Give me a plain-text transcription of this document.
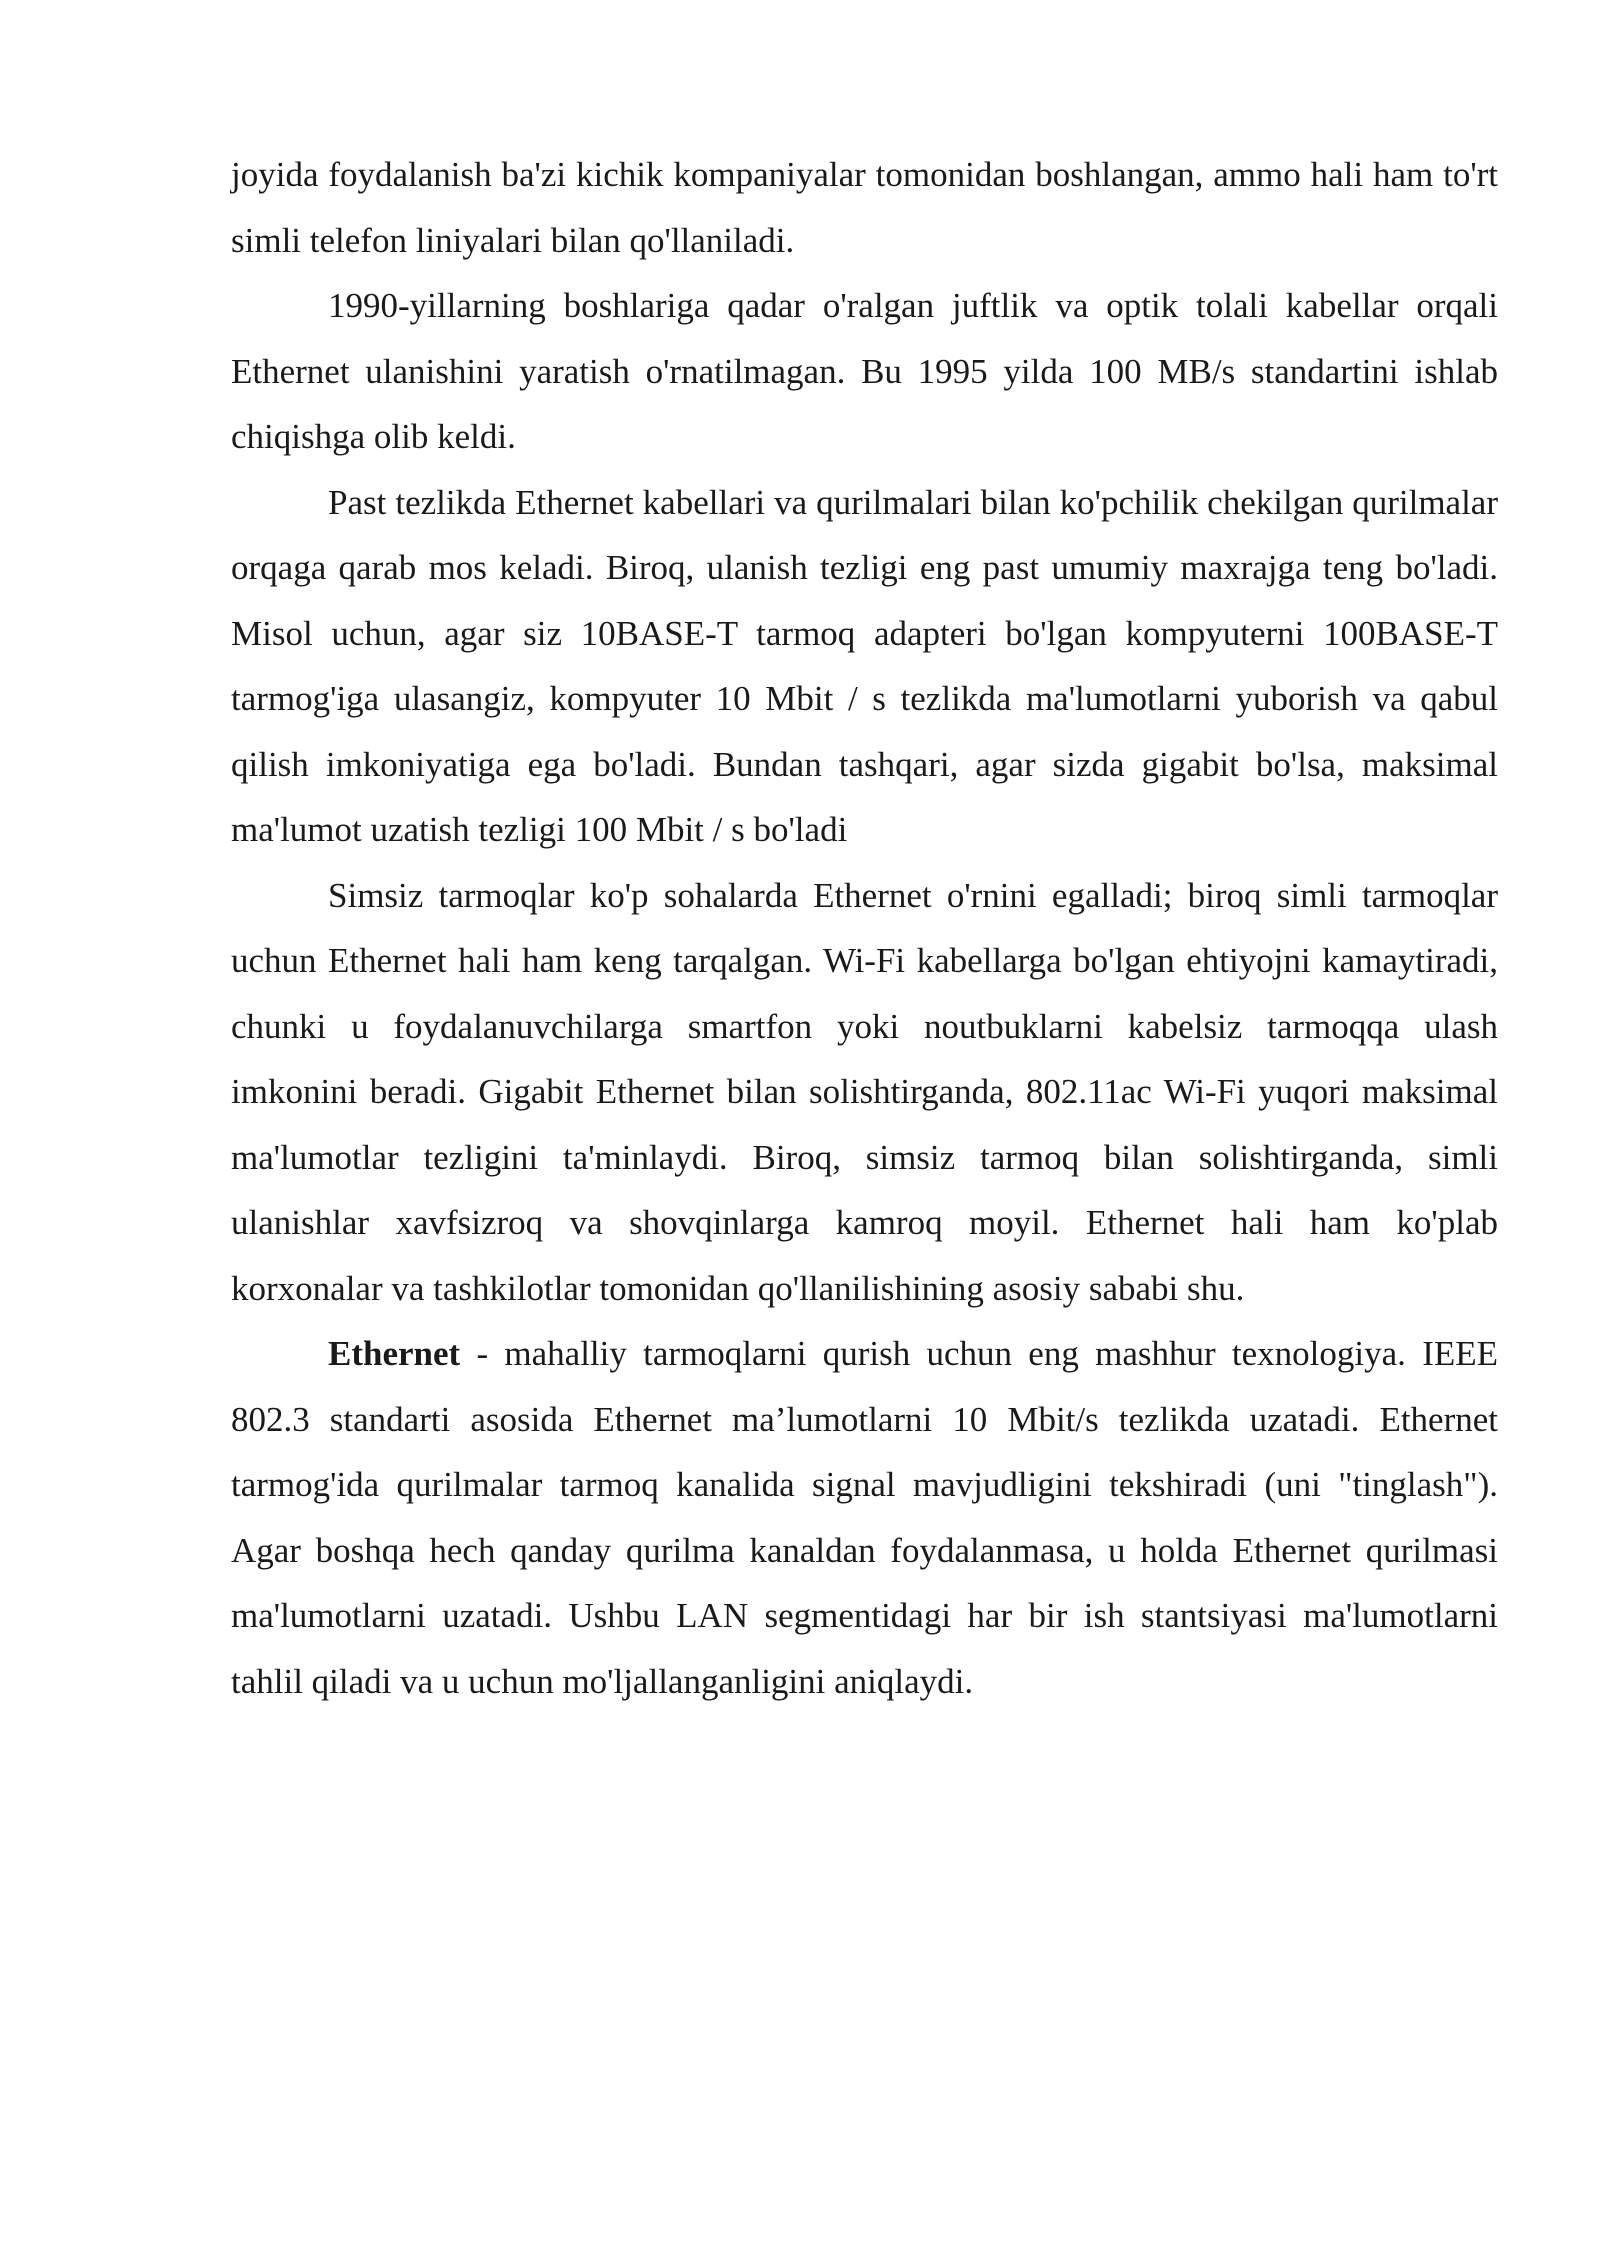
joyida foydalanish ba'zi kichik kompaniyalar tomonidan boshlangan, ammo hali ham to'rt simli telefon liniyalari bilan qo'llaniladi.

1990-yillarning boshlariga qadar o'ralgan juftlik va optik tolali kabellar orqali Ethernet ulanishini yaratish o'rnatilmagan. Bu 1995 yilda 100 MB/s standartini ishlab chiqishga olib keldi.

Past tezlikda Ethernet kabellari va qurilmalari bilan ko'pchilik chekilgan qurilmalar orqaga qarab mos keladi. Biroq, ulanish tezligi eng past umumiy maxrajga teng bo'ladi. Misol uchun, agar siz 10BASE-T tarmoq adapteri bo'lgan kompyuterni 100BASE-T tarmog'iga ulasangiz, kompyuter 10 Mbit / s tezlikda ma'lumotlarni yuborish va qabul qilish imkoniyatiga ega bo'ladi. Bundan tashqari, agar sizda gigabit bo'lsa, maksimal ma'lumot uzatish tezligi 100 Mbit / s bo'ladi

Simsiz tarmoqlar ko'p sohalarda Ethernet o'rnini egalladi; biroq simli tarmoqlar uchun Ethernet hali ham keng tarqalgan. Wi-Fi kabellarga bo'lgan ehtiyojni kamaytiradi, chunki u foydalanuvchilarga smartfon yoki noutbuklarni kabelsiz tarmoqqa ulash imkonini beradi. Gigabit Ethernet bilan solishtirganda, 802.11ac Wi-Fi yuqori maksimal ma'lumotlar tezligini ta'minlaydi. Biroq, simsiz tarmoq bilan solishtirganda, simli ulanishlar xavfsizroq va shovqinlarga kamroq moyil. Ethernet hali ham ko'plab korxonalar va tashkilotlar tomonidan qo'llanilishining asosiy sababi shu.

Ethernet - mahalliy tarmoqlarni qurish uchun eng mashhur texnologiya. IEEE 802.3 standarti asosida Ethernet ma’lumotlarni 10 Mbit/s tezlikda uzatadi. Ethernet tarmog'ida qurilmalar tarmoq kanalida signal mavjudligini tekshiradi (uni "tinglash"). Agar boshqa hech qanday qurilma kanaldan foydalanmasa, u holda Ethernet qurilmasi ma'lumotlarni uzatadi. Ushbu LAN segmentidagi har bir ish stantsiyasi ma'lumotlarni tahlil qiladi va u uchun mo'ljallanganligini aniqlaydi.
